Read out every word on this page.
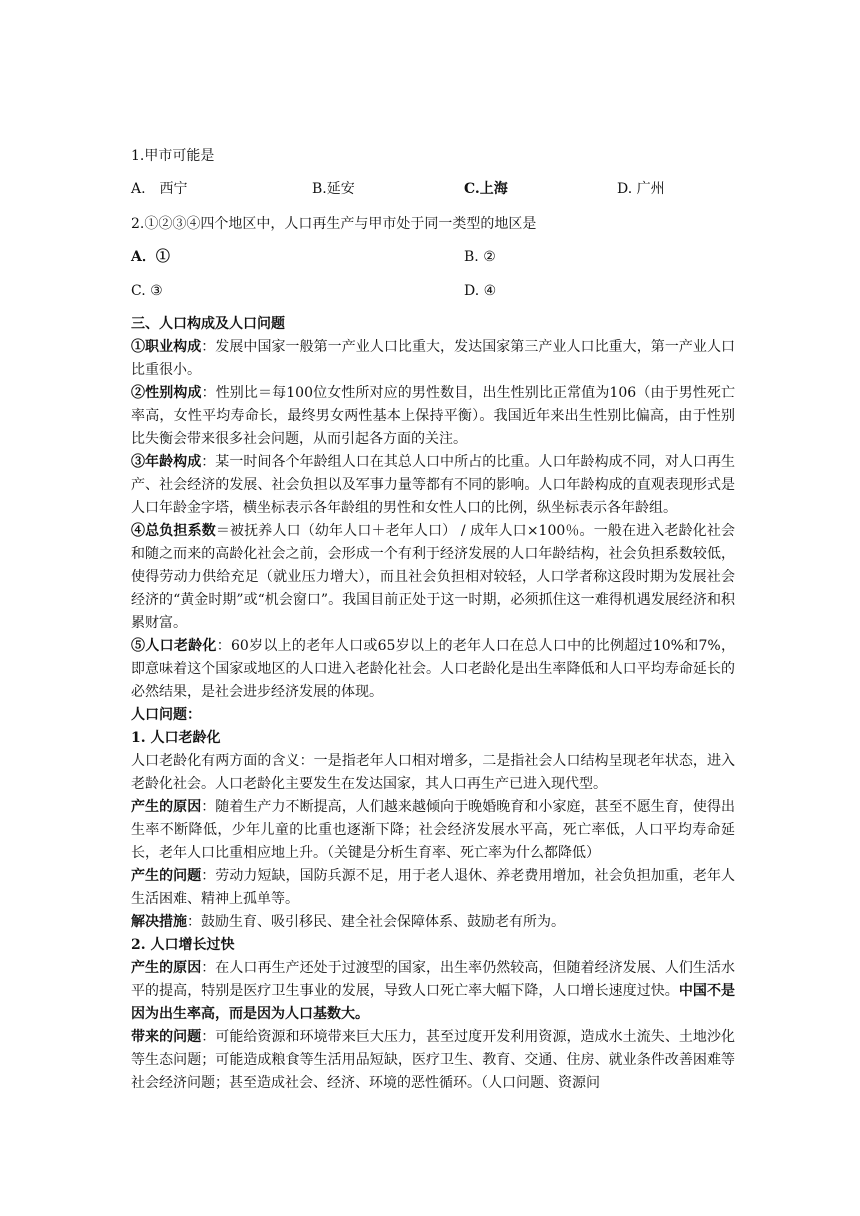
1.甲市可能是
A.　西宁	B.延安	C.上海	D. 广州
2.①②③④四个地区中，人口再生产与甲市处于同一类型的地区是
A．①	B. ②
C. ③	D. ④

三、人口构成及人口问题

①职业构成：发展中国家一般第一产业人口比重大，发达国家第三产业人口比重大，第一产业人口比重很小。

②性别构成：性别比＝每100位女性所对应的男性数目，出生性别比正常值为106（由于男性死亡率高，女性平均寿命长，最终男女两性基本上保持平衡）。我国近年来出生性别比偏高，由于性别比失衡会带来很多社会问题，从而引起各方面的关注。

③年龄构成：某一时间各个年龄组人口在其总人口中所占的比重。人口年龄构成不同，对人口再生产、社会经济的发展、社会负担以及军事力量等都有不同的影响。人口年龄构成的直观表现形式是人口年龄金字塔，横坐标表示各年龄组的男性和女性人口的比例，纵坐标表示各年龄组。

④总负担系数＝被抚养人口（幼年人口＋老年人口） / 成年人口×100％。一般在进入老龄化社会和随之而来的高龄化社会之前，会形成一个有利于经济发展的人口年龄结构，社会负担系数较低，使得劳动力供给充足（就业压力增大），而且社会负担相对较轻，人口学者称这段时期为发展社会经济的“黄金时期”或“机会窗口”。我国目前正处于这一时期，必须抓住这一难得机遇发展经济和积累财富。

⑤人口老龄化：60岁以上的老年人口或65岁以上的老年人口在总人口中的比例超过10%和7%，即意味着这个国家或地区的人口进入老龄化社会。人口老龄化是出生率降低和人口平均寿命延长的必然结果，是社会进步经济发展的体现。

人口问题：

1. 人口老龄化

人口老龄化有两方面的含义：一是指老年人口相对增多，二是指社会人口结构呈现老年状态，进入老龄化社会。人口老龄化主要发生在发达国家，其人口再生产已进入现代型。

产生的原因：随着生产力不断提高，人们越来越倾向于晚婚晚育和小家庭，甚至不愿生育，使得出生率不断降低，少年儿童的比重也逐渐下降；社会经济发展水平高，死亡率低，人口平均寿命延长，老年人口比重相应地上升。（关键是分析生育率、死亡率为什么都降低）

产生的问题：劳动力短缺，国防兵源不足，用于老人退休、养老费用增加，社会负担加重，老年人生活困难、精神上孤单等。

解决措施：鼓励生育、吸引移民、建全社会保障体系、鼓励老有所为。

2. 人口增长过快

产生的原因：在人口再生产还处于过渡型的国家，出生率仍然较高，但随着经济发展、人们生活水平的提高，特别是医疗卫生事业的发展，导致人口死亡率大幅下降，人口增长速度过快。中国不是因为出生率高，而是因为人口基数大。

带来的问题：可能给资源和环境带来巨大压力，甚至过度开发利用资源，造成水土流失、土地沙化等生态问题；可能造成粮食等生活用品短缺，医疗卫生、教育、交通、住房、就业条件改善困难等社会经济问题；甚至造成社会、经济、环境的恶性循环。（人口问题、资源问
